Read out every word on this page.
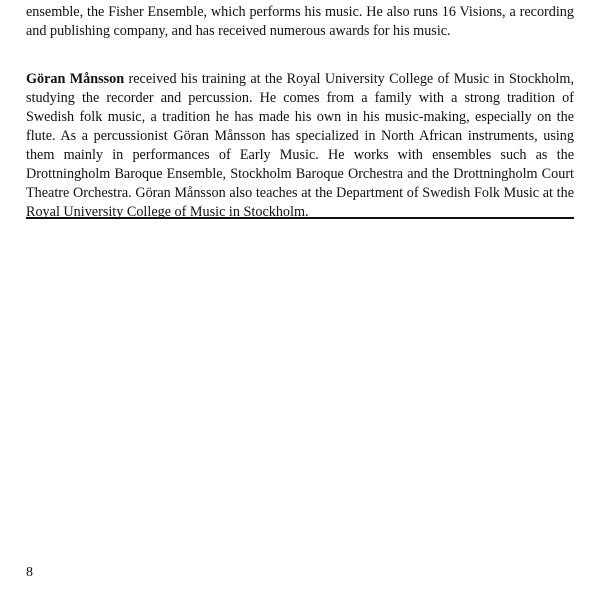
ensemble, the Fisher Ensemble, which performs his music. He also runs 16 Visions, a recording and publishing company, and has received numerous awards for his music.

Göran Månsson received his training at the Royal University College of Music in Stockholm, studying the recorder and percussion. He comes from a family with a strong tradition of Swedish folk music, a tradition he has made his own in his music-making, especially on the flute. As a percussionist Göran Månsson has specialized in North African instruments, using them mainly in performances of Early Music. He works with ensembles such as the Drottningholm Baroque Ensemble, Stockholm Baroque Orchestra and the Drottningholm Court Theatre Orchestra. Göran Månsson also teaches at the Department of Swedish Folk Music at the Royal University College of Music in Stockholm.

8
